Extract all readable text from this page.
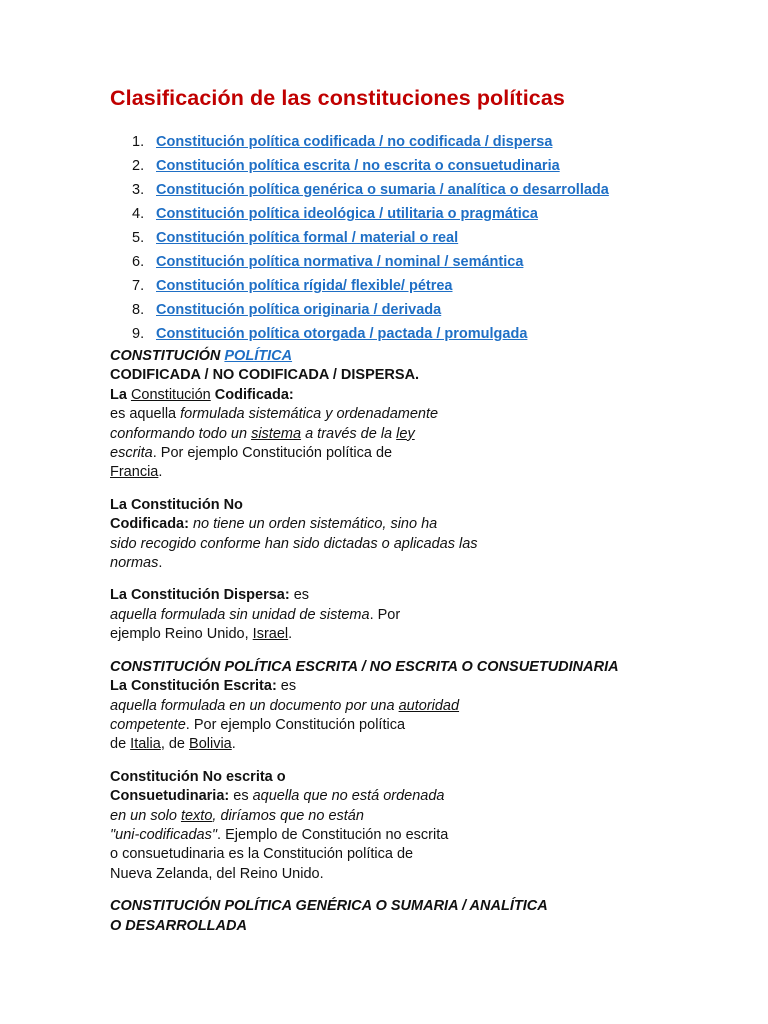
Clasificación de las constituciones políticas
1. Constitución política codificada / no codificada / dispersa
2. Constitución política escrita / no escrita o consuetudinaria
3. Constitución política genérica o sumaria / analítica o desarrollada
4. Constitución política ideológica / utilitaria o pragmática
5. Constitución política formal / material o real
6. Constitución política normativa / nominal / semántica
7. Constitución política rígida/ flexible/ pétrea
8. Constitución política originaria / derivada
9. Constitución política otorgada / pactada / promulgada

CONSTITUCIÓN POLÍTICA

CODIFICADA / NO CODIFICADA / DISPERSA.

La Constitución Codificada:

es aquella formulada sistemática y ordenadamente

conformando todo un sistema a través de la ley

escrita. Por ejemplo Constitución política de

Francia.

La Constitución No

Codificada: no tiene un orden sistemático, sino ha

sido recogido conforme han sido dictadas o aplicadas las

normas.

La Constitución Dispersa: es

aquella formulada sin unidad de sistema. Por

ejemplo Reino Unido, Israel.

CONSTITUCIÓN POLÍTICA ESCRITA / NO ESCRITA O CONSUETUDINARIA

La Constitución Escrita: es

aquella formulada en un documento por una autoridad

competente. Por ejemplo Constitución política

de Italia, de Bolivia.

Constitución No escrita o

Consuetudinaria: es aquella que no está ordenada

en un solo texto, diríamos que no están

"uni-codificadas". Ejemplo de Constitución no escrita

o consuetudinaria es la Constitución política de

Nueva Zelanda, del Reino Unido.

CONSTITUCIÓN POLÍTICA GENÉRICA O SUMARIA / ANALÍTICA

O DESARROLLADA
